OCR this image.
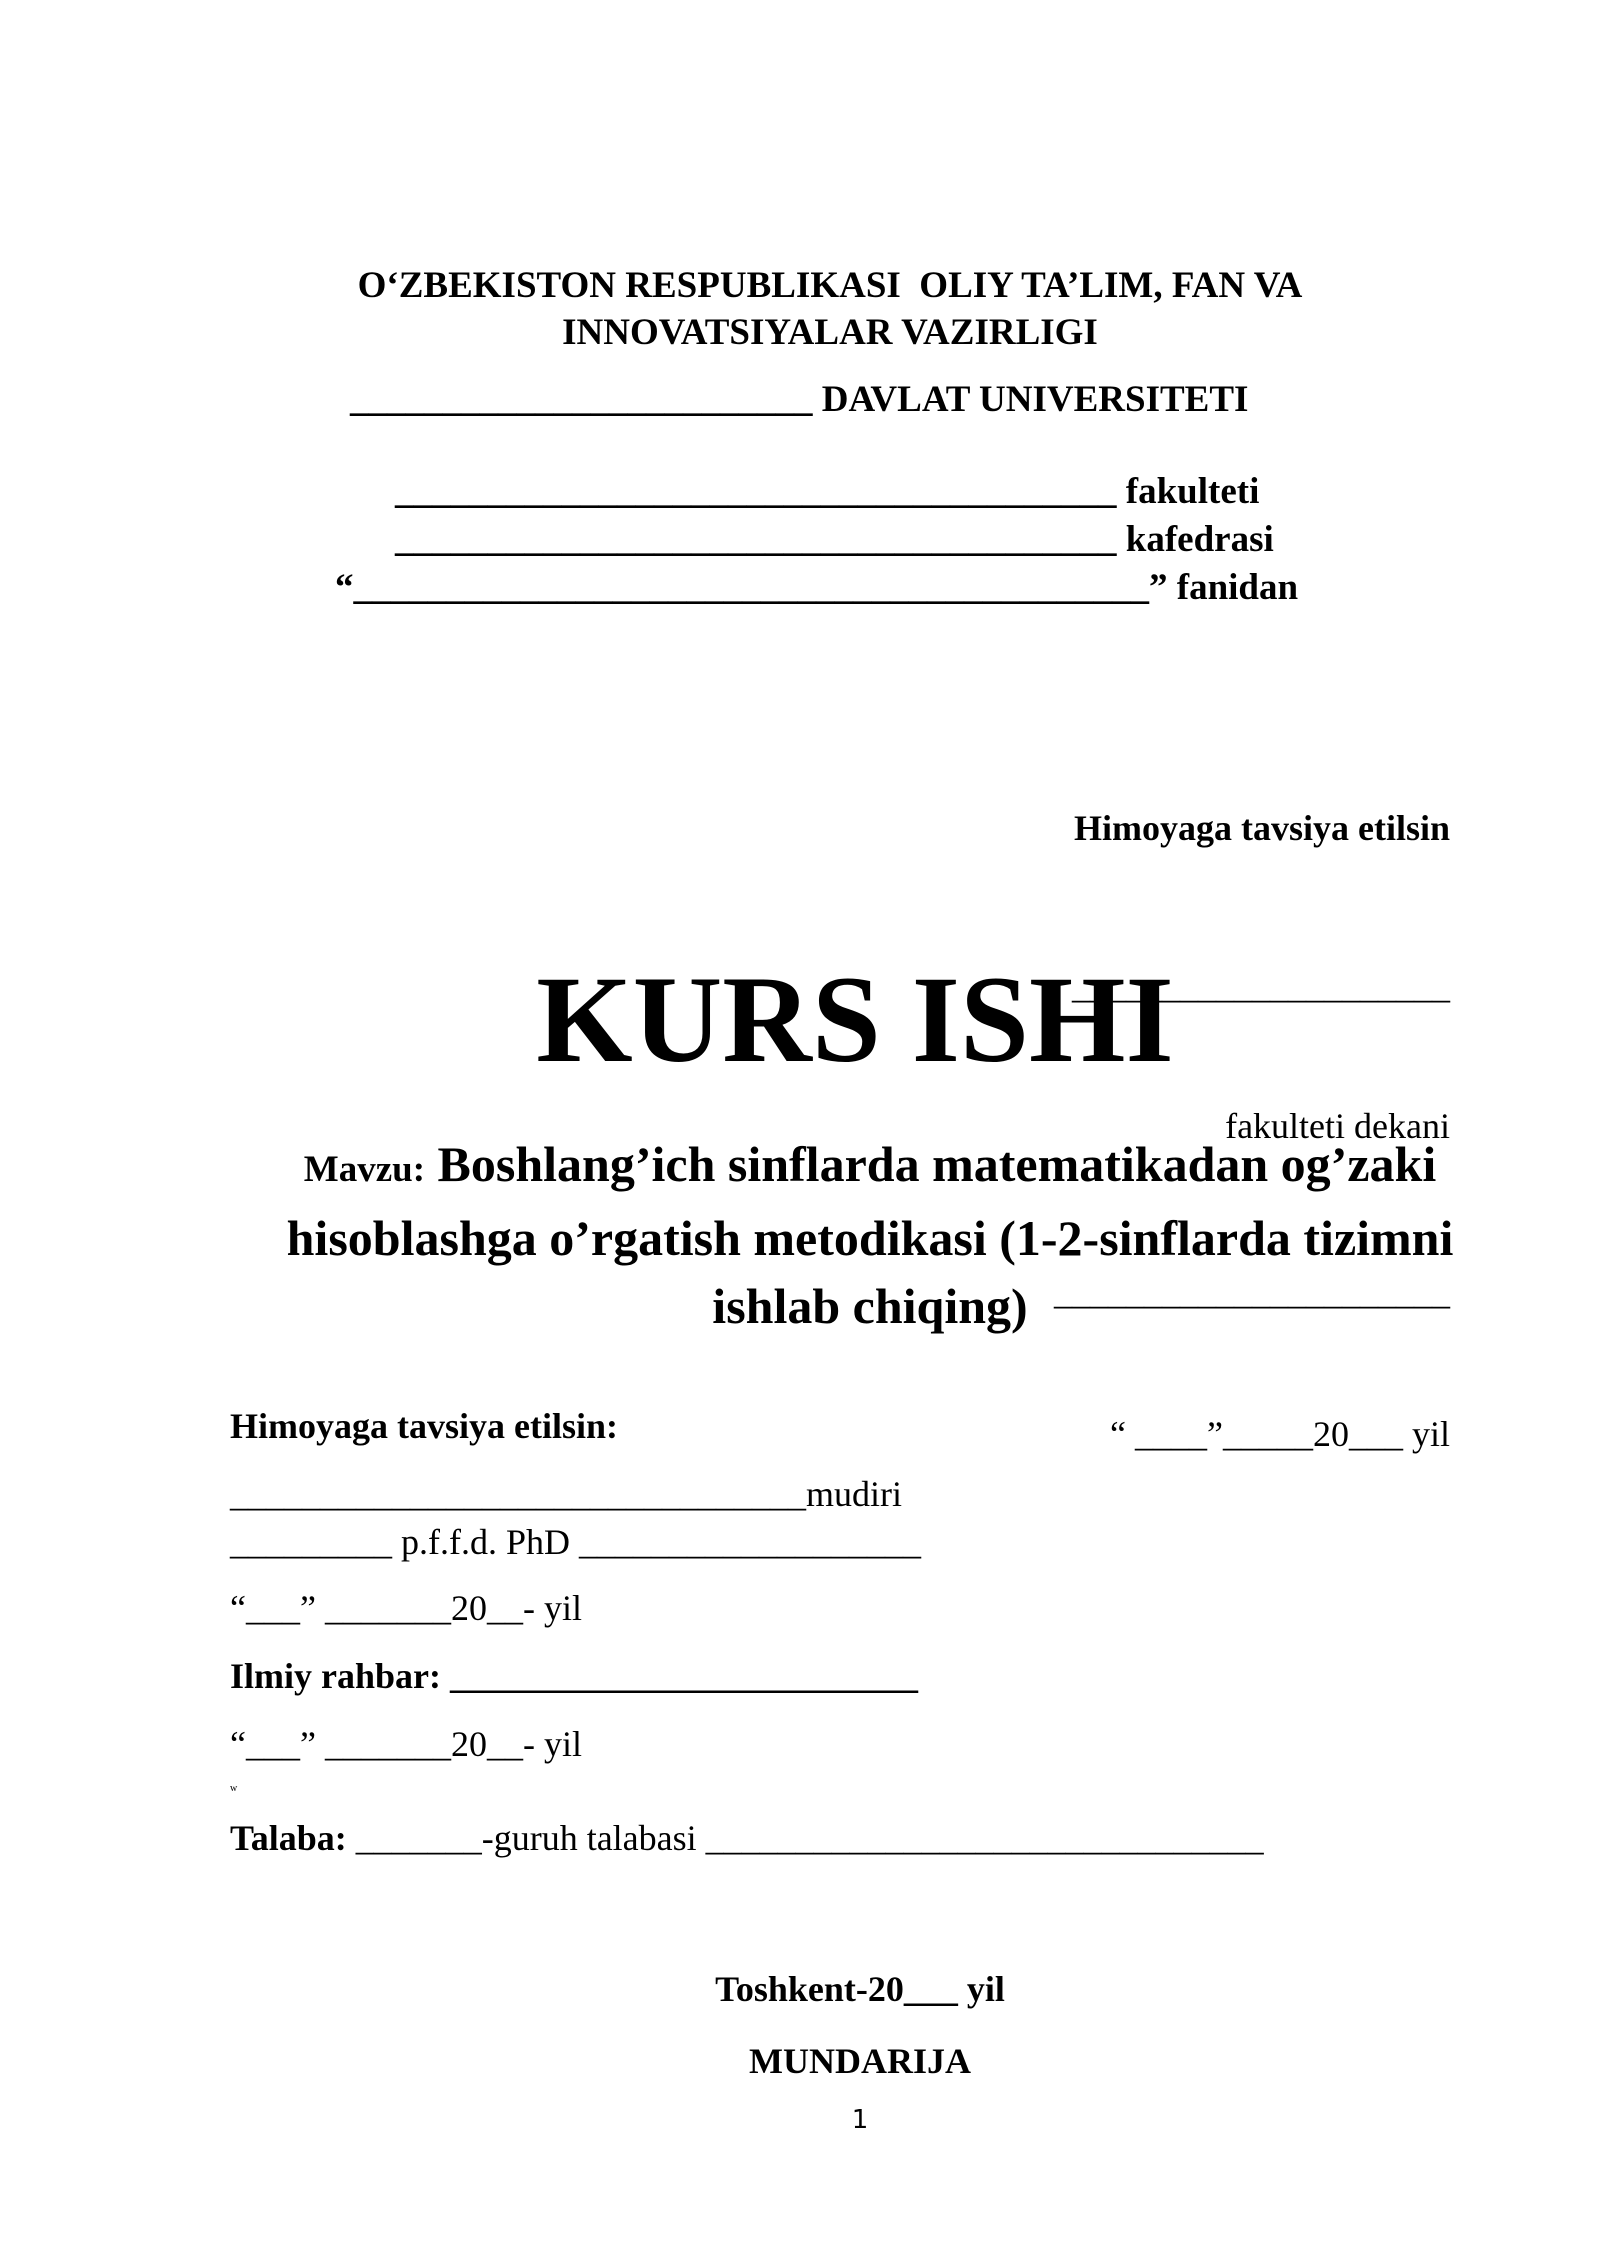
O‘ZBEKISTON RESPUBLIKASI  OLIY TA’LIM, FAN VA
INNOVATSIYALAR VAZIRLIGI
_________________________ DAVLAT UNIVERSITETI
_______________________________________ fakulteti
_______________________________________ kafedrasi
“___________________________________________” fanidan

Himoyaga tavsiya etilsin

_____________________

fakulteti dekani

______________________

“ ____”_____20___ yil

KURS ISHI
Mavzu: Boshlang’ich sinflarda matematikadan og’zaki hisoblashga o’rgatish metodikasi (1-2-sinflarda tizimni ishlab chiqing)

Himoyaga tavsiya etilsin:

________________________________mudiri

_________ p.f.f.d. PhD ___________________

“___” _______20__- yil

Ilmiy rahbar: __________________________

“___” _______20__- yil

w

Talaba: _______-guruh talabasi _______________________________

Toshkent-20___ yil
MUNDARIJA
1
